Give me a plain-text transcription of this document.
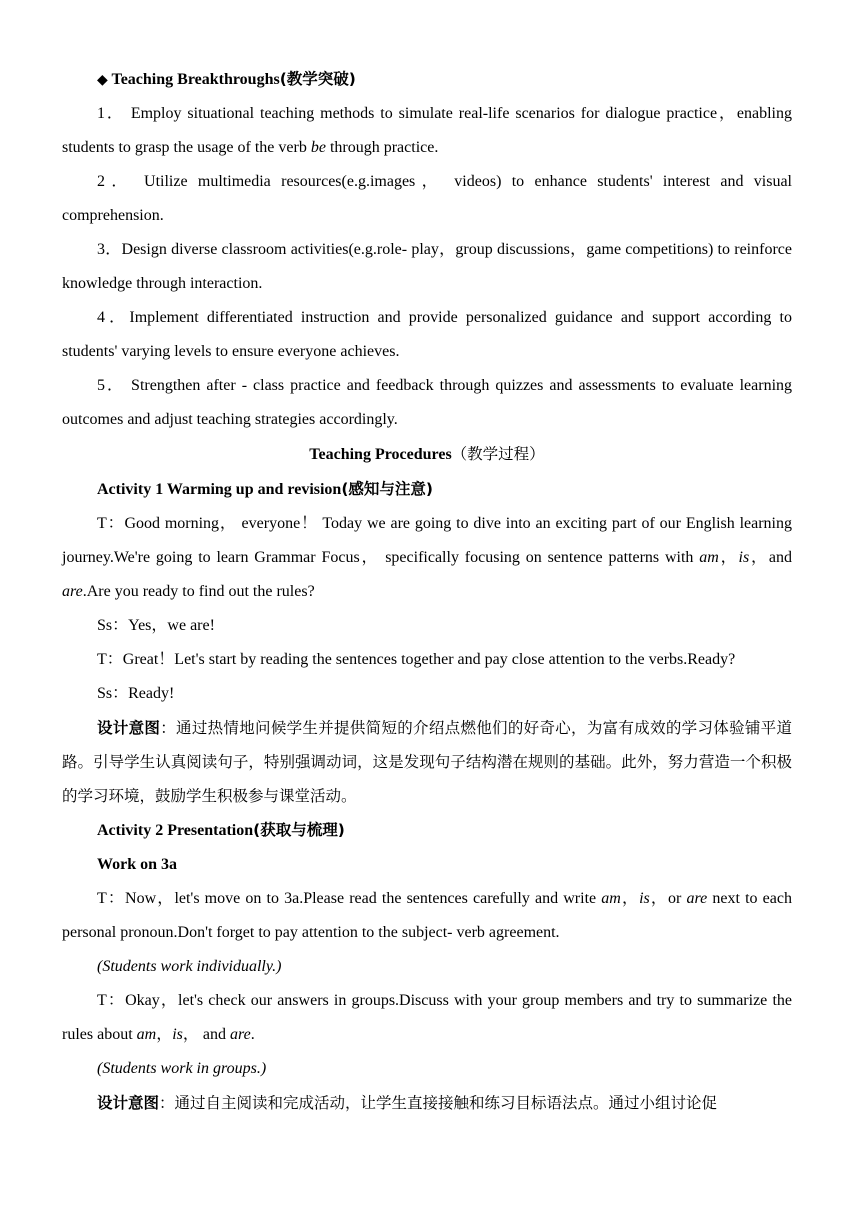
◆ Teaching Breakthroughs(教学突破)

1． Employ situational teaching methods to simulate real-life scenarios for dialogue practice，enabling students to grasp the usage of the verb be through practice.

2． Utilize multimedia resources(e.g.images， videos) to enhance students' interest and visual comprehension.

3．Design diverse classroom activities(e.g.role- play，group discussions，game competitions) to reinforce knowledge through interaction.

4．Implement differentiated instruction and provide personalized guidance and support according to students' varying levels to ensure everyone achieves.

5． Strengthen after - class practice and feedback through quizzes and assessments to evaluate learning outcomes and adjust teaching strategies accordingly.

Teaching Procedures（教学过程）

Activity 1 Warming up and revision(感知与注意)

T：Good morning， everyone！ Today we are going to dive into an exciting part of our English learning journey.We're going to learn Grammar Focus， specifically focusing on sentence patterns with am，is，and are.Are you ready to find out the rules?

Ss：Yes，we are!

T：Great！Let's start by reading the sentences together and pay close attention to the verbs.Ready?

Ss：Ready!

设计意图：通过热情地问候学生并提供简短的介绍点燃他们的好奇心，为富有成效的学习体验铺平道路。引导学生认真阅读句子，特别强调动词，这是发现句子结构潜在规则的基础。此外，努力营造一个积极的学习环境，鼓励学生积极参与课堂活动。

Activity 2 Presentation(获取与梳理)

Work on 3a

T：Now，let's move on to 3a.Please read the sentences carefully and write am，is，or are next to each personal pronoun.Don't forget to pay attention to the subject- verb agreement.

(Students work individually.)

T：Okay，let's check our answers in groups.Discuss with your group members and try to summarize the rules about am，is， and are.

(Students work in groups.)

设计意图：通过自主阅读和完成活动，让学生直接接触和练习目标语法点。通过小组讨论促
